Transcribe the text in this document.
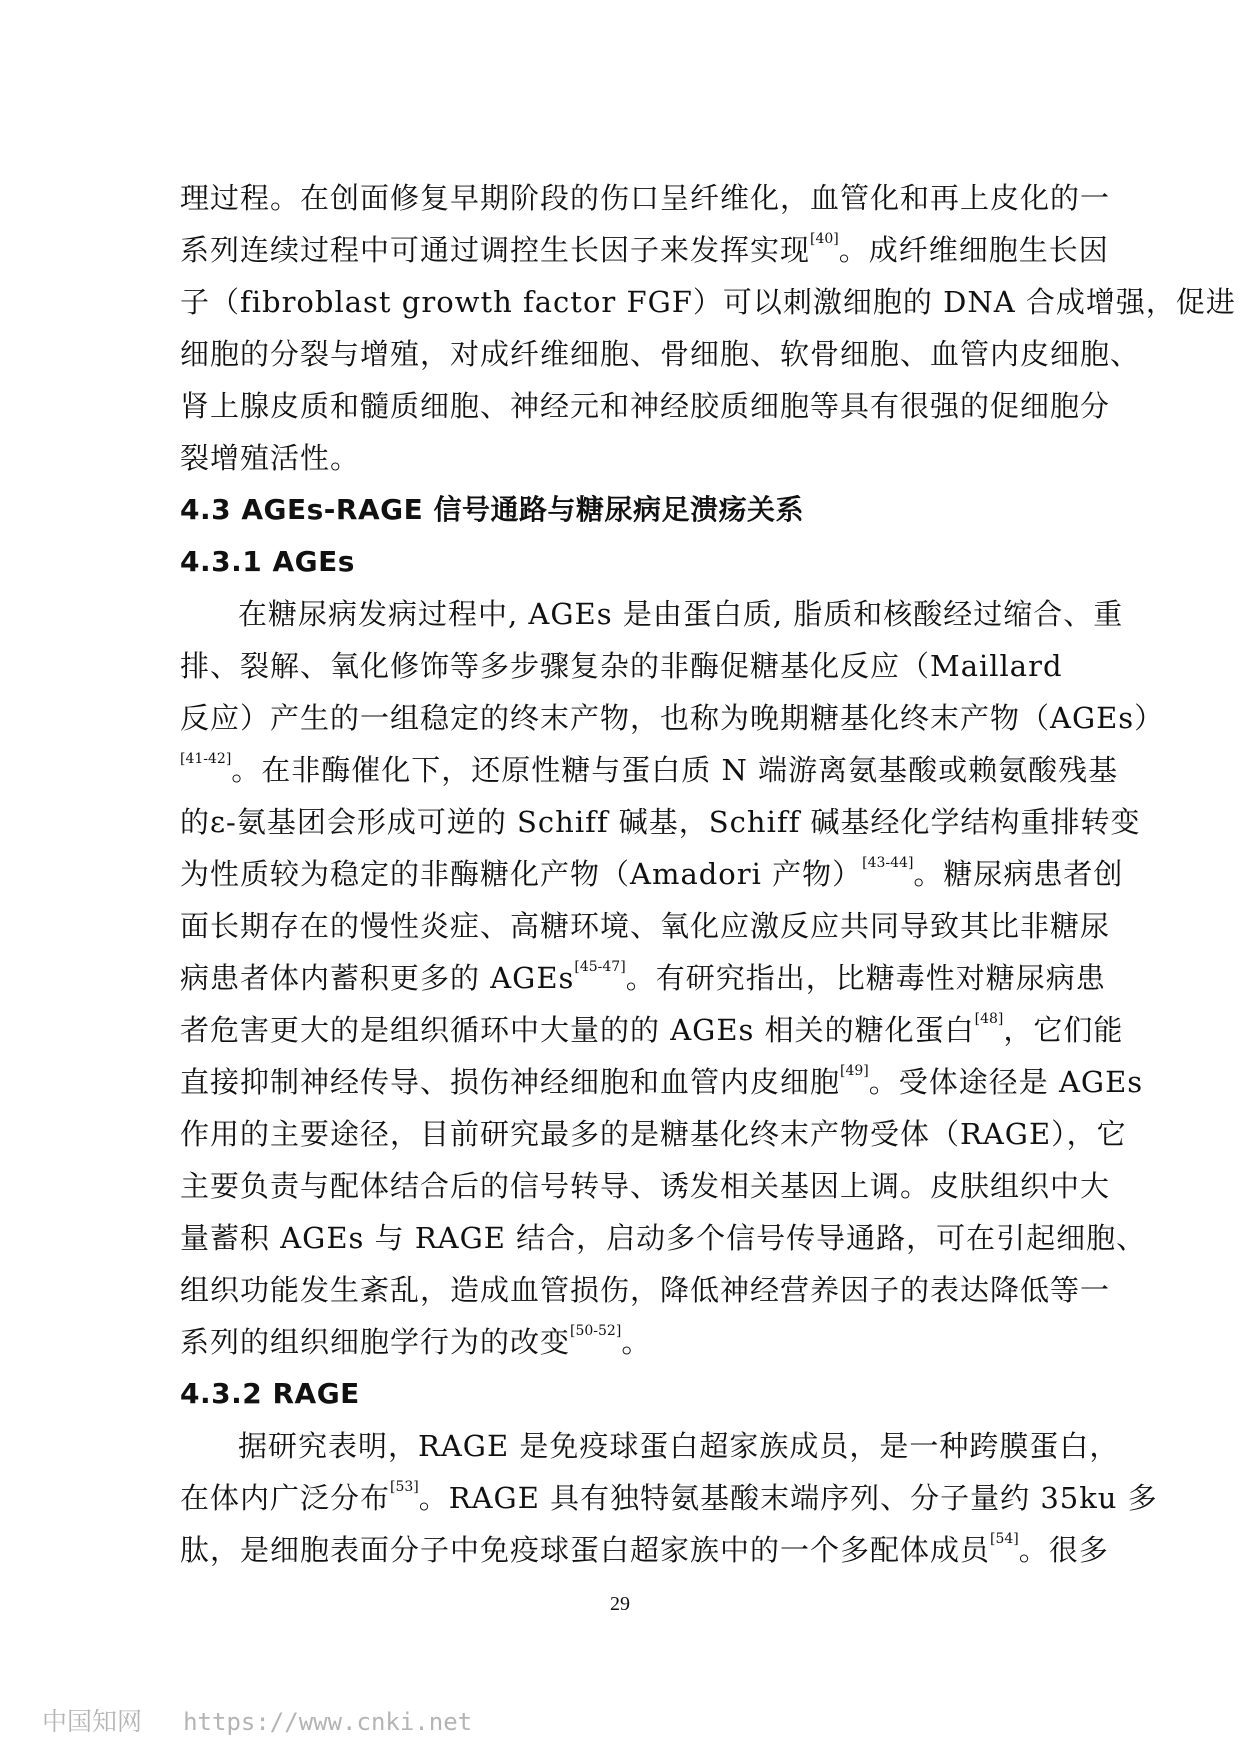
理过程。在创面修复早期阶段的伤口呈纤维化，血管化和再上皮化的一
系列连续过程中可通过调控生长因子来发挥实现[40]。成纤维细胞生长因
子（fibroblast growth factor FGF）可以刺激细胞的 DNA 合成增强，促进
细胞的分裂与增殖，对成纤维细胞、骨细胞、软骨细胞、血管内皮细胞、
肾上腺皮质和髓质细胞、神经元和神经胶质细胞等具有很强的促细胞分
裂增殖活性。
4.3 AGEs-RAGE 信号通路与糖尿病足溃疡关系
4.3.1 AGEs
在糖尿病发病过程中, AGEs 是由蛋白质, 脂质和核酸经过缩合、重
排、裂解、氧化修饰等多步骤复杂的非酶促糖基化反应（Maillard
反应）产生的一组稳定的终末产物，也称为晚期糖基化终末产物（AGEs）
[41-42]。在非酶催化下，还原性糖与蛋白质 N 端游离氨基酸或赖氨酸残基
的ε-氨基团会形成可逆的 Schiff 碱基，Schiff 碱基经化学结构重排转变
为性质较为稳定的非酶糖化产物（Amadori 产物）[43-44]。糖尿病患者创
面长期存在的慢性炎症、高糖环境、氧化应激反应共同导致其比非糖尿
病患者体内蓄积更多的 AGEs[45-47]。有研究指出，比糖毒性对糖尿病患
者危害更大的是组织循环中大量的的 AGEs 相关的糖化蛋白[48]，它们能
直接抑制神经传导、损伤神经细胞和血管内皮细胞[49]。受体途径是 AGEs
作用的主要途径，目前研究最多的是糖基化终末产物受体（RAGE），它
主要负责与配体结合后的信号转导、诱发相关基因上调。皮肤组织中大
量蓄积 AGEs 与 RAGE 结合，启动多个信号传导通路，可在引起细胞、
组织功能发生紊乱，造成血管损伤，降低神经营养因子的表达降低等一
系列的组织细胞学行为的改变[50-52]。
4.3.2 RAGE
据研究表明，RAGE 是免疫球蛋白超家族成员，是一种跨膜蛋白，
在体内广泛分布[53]。RAGE 具有独特氨基酸末端序列、分子量约 35ku 多
肽，是细胞表面分子中免疫球蛋白超家族中的一个多配体成员[54]。很多
29
中国知网 https://www.cnki.net
